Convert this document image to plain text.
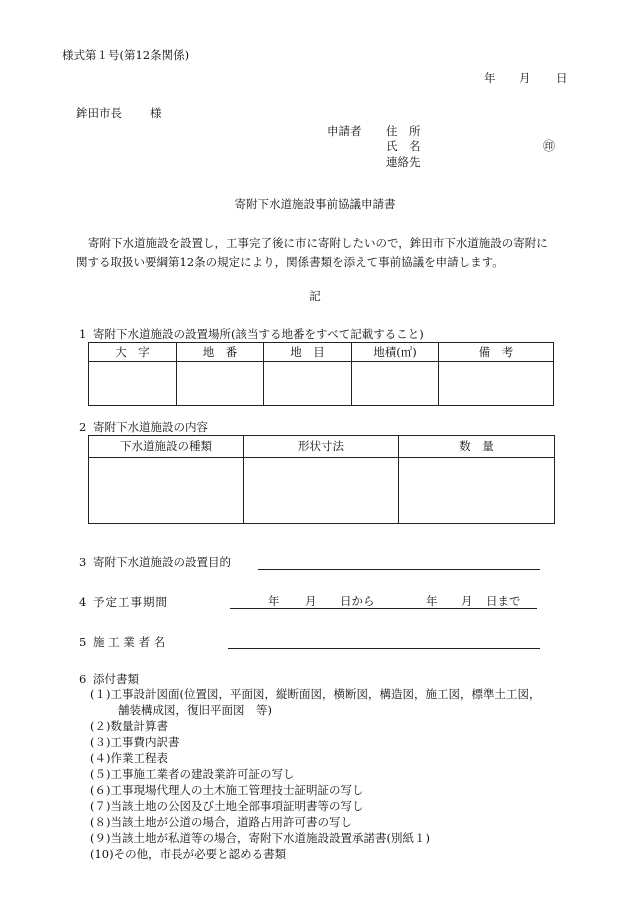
様式第１号(第12条関係)
年 月 日
鉾田市長 様
申請者 住　所
氏　名	㊞
連絡先
寄附下水道施設事前協議申請書
寄附下水道施設を設置し，工事完了後に市に寄附したいので，鉾田市下水道施設の寄附に関する取扱い要綱第12条の規定により，関係書類を添えて事前協議を申請します。
記
1 寄附下水道施設の設置場所(該当する地番をすべて記載すること)
大　字	地　番	地　目	地積(㎡)	備　考

2 寄附下水道施設の内容
下水道施設の種類	形状寸法	数　量

3 寄附下水道施設の設置目的
4 予定工事期間	年 月 日から	年 月 日まで
5 施 工 業 者 名
6 添付書類
(１)工事設計図面(位置図，平面図，縦断面図，横断図，構造図，施工図，標準土工図，
舗装構成図，復旧平面図　等)
(２)数量計算書
(３)工事費内訳書
(４)作業工程表
(５)工事施工業者の建設業許可証の写し
(６)工事現場代理人の土木施工管理技士証明証の写し
(７)当該土地の公図及び土地全部事項証明書等の写し
(８)当該土地が公道の場合，道路占用許可書の写し
(９)当該土地が私道等の場合，寄附下水道施設設置承諾書(別紙１)
(10)その他，市長が必要と認める書類
